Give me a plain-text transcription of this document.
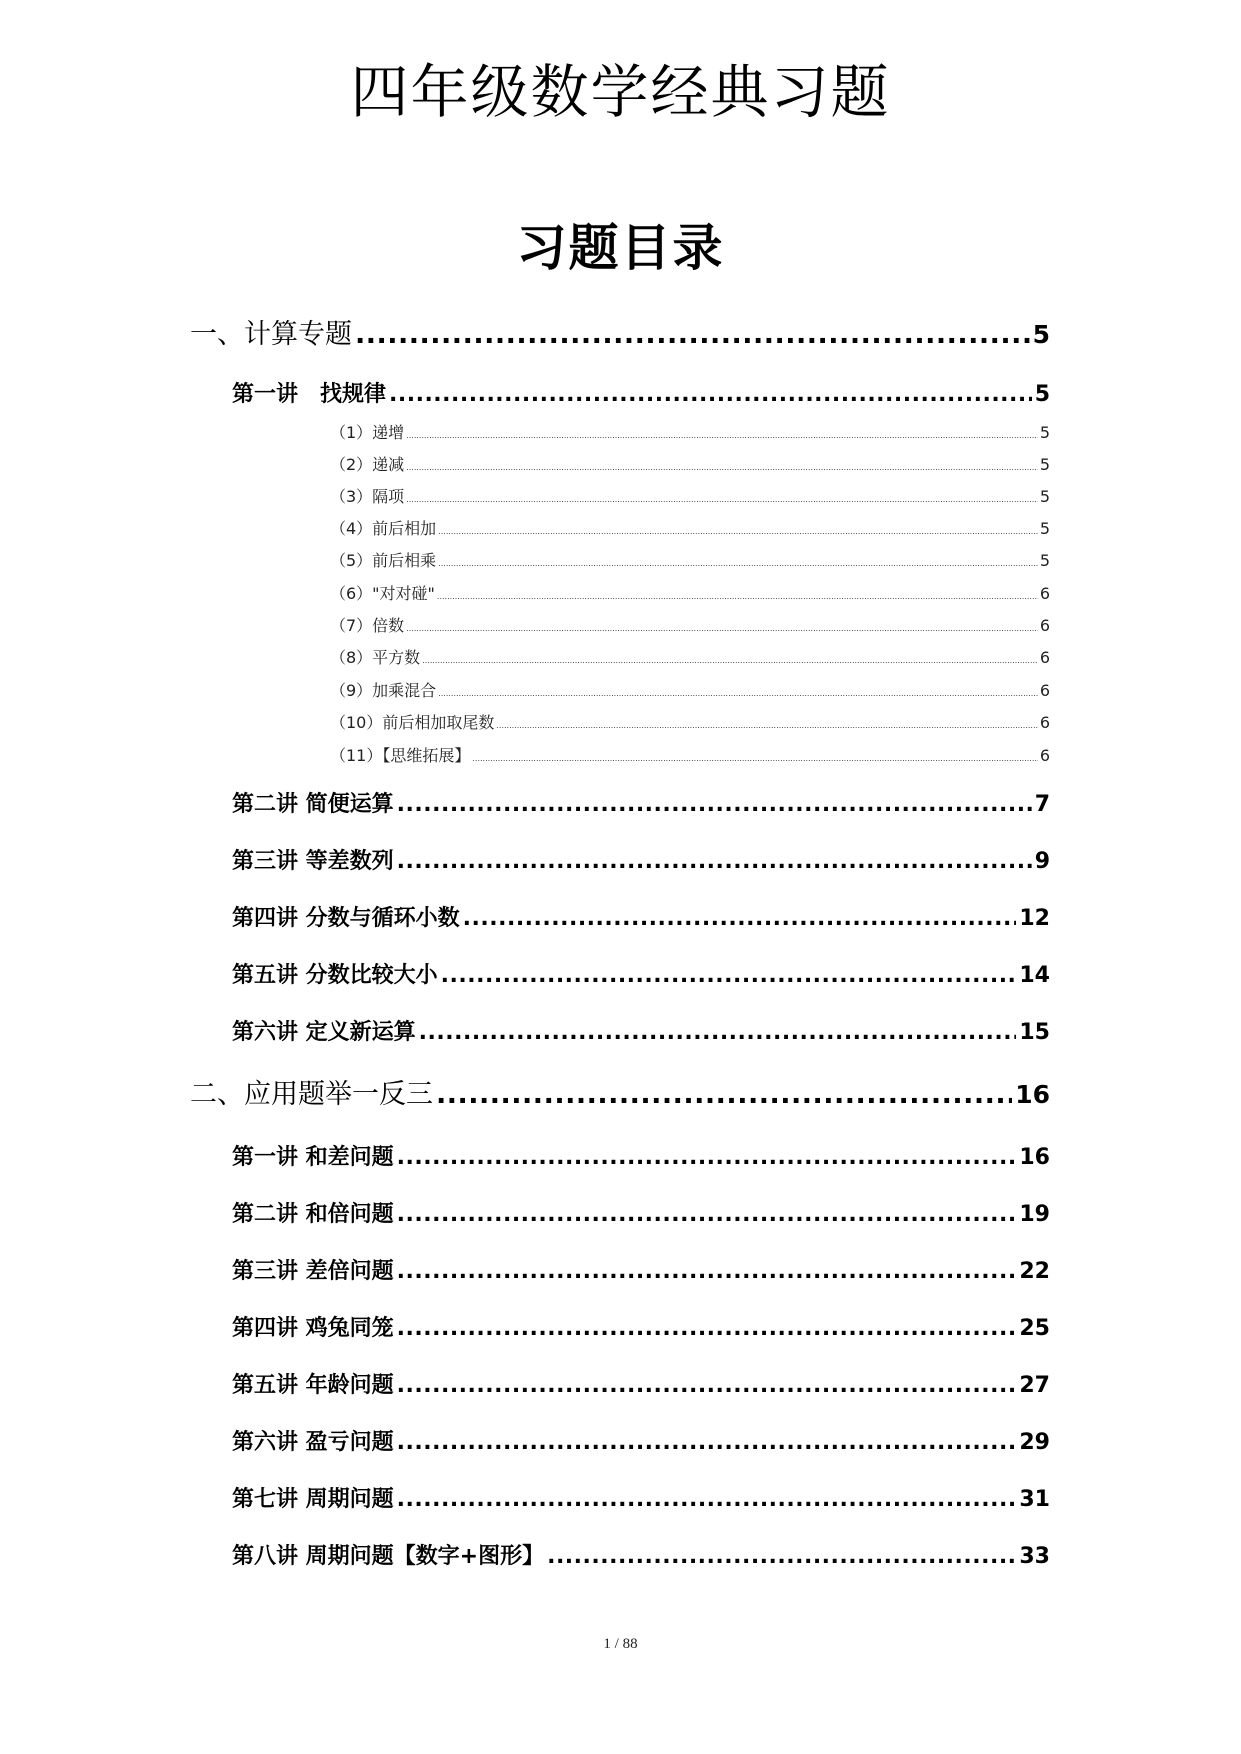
四年级数学经典习题
习题目录
一、计算专题 .....	5
第一讲　找规律 .....	5
（1）递增 .....	5
（2）递减 .....	5
（3）隔项 .....	5
（4）前后相加 .....	5
（5）前后相乘 .....	5
（6）"对对碰" .....	6
（7）倍数 .....	6
（8）平方数 .....	6
（9）加乘混合 .....	6
（10）前后相加取尾数 .....	6
（11）【思维拓展】 .....	6
第二讲 简便运算 .....	7
第三讲 等差数列 .....	9
第四讲 分数与循环小数 .....	12
第五讲 分数比较大小 .....	14
第六讲 定义新运算 .....	15
二、应用题举一反三 .....	16
第一讲 和差问题 .....	16
第二讲 和倍问题 .....	19
第三讲 差倍问题 .....	22
第四讲 鸡兔同笼 .....	25
第五讲 年龄问题 .....	27
第六讲 盈亏问题 .....	29
第七讲 周期问题 .....	31
第八讲 周期问题【数字+图形】 .....	33
1 / 88
